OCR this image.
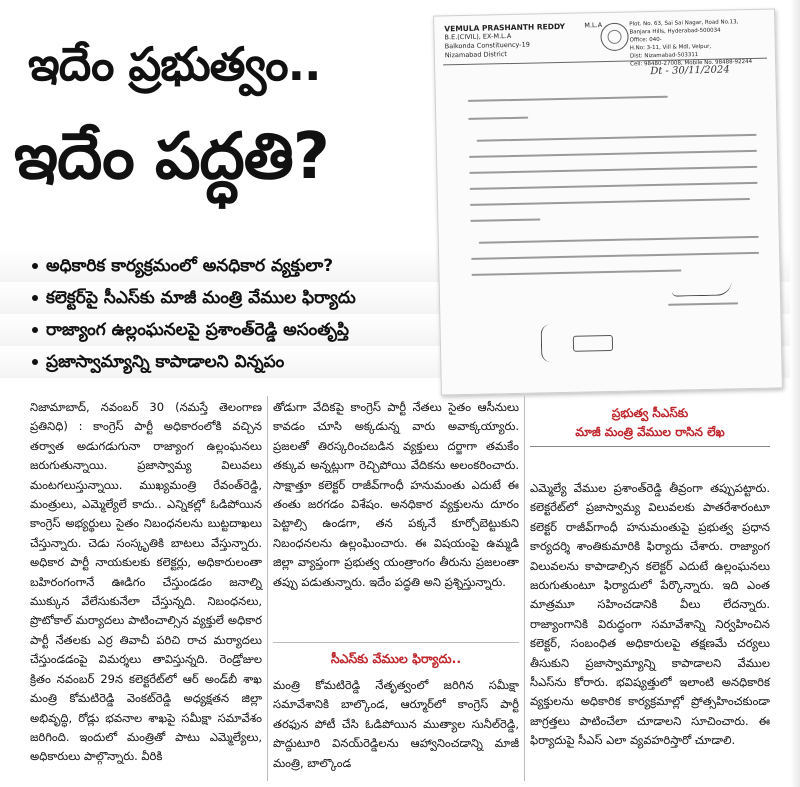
ఇదేం ప్రభుత్వం..
ఇదేం పద్ధతి?
అధికారిక కార్యక్రమంలో అనధికార వ్యక్తులా?
కలెక్టర్‌పై సీఎస్‌కు మాజీ మంత్రి వేముల ఫిర్యాదు
రాజ్యాంగ ఉల్లంఘనలపై ప్రశాంత్‌రెడ్డి అసంతృప్తి
ప్రజాస్వామ్యాన్ని కాపాడాలని విన్నపం
VEMULA PRASHANTH REDDY
B.E.(CIVIL), EX-M.L.A
Balkonda Constituency-19
Nizamabad District
M.L.A	Plot. No. 63, Sai Sai Nagar, Road No.13,
Banjara Hills, Hyderabad-500034
Office: 040-
H.No: 3-11, Vill & Mdl, Velpur,
Dist: Nizamabad-503311
Cell: 98480-27008, Mobile No. 98488-92244
Dt - 30/11/2024

నిజామాబాద్, నవంబర్ 30 (నమస్తే తెలంగాణ ప్రతినిధి) : కాంగ్రెస్ పార్టీ అధికారంలోకి వచ్చిన తర్వాత అడుగడుగునా రాజ్యాంగ ఉల్లంఘనలు జరుగుతున్నాయి. ప్రజాస్వామ్య విలువలు మంటగలుస్తున్నాయి. ముఖ్యమంత్రి రేవంత్‌రెడ్డి, మంత్రులు, ఎమ్మెల్యేలే కాదు.. ఎన్నికల్లో ఓడిపోయిన కాంగ్రెస్ అభ్యర్థులు సైతం నిబంధనలను బుట్టదాఖలు చేస్తున్నారు. చెడు సంస్కృతికి బాటలు వేస్తున్నారు. అధికార పార్టీ నాయకులకు కలెక్టర్లు, అధికారులంతా బహిరంగంగానే ఊడిగం చేస్తుండడం జనాల్ని ముక్కున వేలేసుకునేలా చేస్తున్నది. నిబంధనలు, ప్రొటోకాల్ మర్యాదలు పాటించాల్సిన వ్యక్తులే అధికార పార్టీ నేతలకు ఎర్ర తివాచీ పరిచి రాచ మర్యాదలు చేస్తుండడంపై విమర్శలు తావిస్తున్నది. రెండ్రోజుల క్రితం నవంబర్ 29న కలెక్టరేట్‌లో ఆర్ అండ్‌బీ శాఖ మంత్రి కోమటిరెడ్డి వెంకట్‌రెడ్డి అధ్యక్షతన జిల్లా అభివృద్ధి, రోడ్లు భవనాల శాఖపై సమీక్షా సమావేశం జరిగింది. ఇందులో మంత్రితో పాటు ఎమ్మెల్యేలు, అధికారులు పాల్గొన్నారు. వీరికి

తోడుగా వేదికపై కాంగ్రెస్ పార్టీ నేతలు సైతం ఆసీనులు కావడం చూసి అక్కడున్న వారు అవాక్కయ్యారు. ప్రజలతో తిరస్కరించబడిన వ్యక్తులు దర్జాగా తమకేం తక్కువ అన్నట్లుగా రెచ్చిపోయి వేదికను అలంకరించారు. సాక్షాత్తూ కలెక్టర్ రాజీవ్‌గాంధీ హనుమంతు ఎదుటే ఈ తంతు జరగడం విశేషం. అనధికార వ్యక్తులను దూరం పెట్టాల్సి ఉండగా, తన పక్కనే కూర్చోబెట్టుకుని నిబంధనలను ఉల్లంఘించారు. ఈ విషయంపై ఉమ్మడి జిల్లా వ్యాప్తంగా ప్రభుత్వ యంత్రాంగం తీరును ప్రజలంతా తప్పు పడుతున్నారు. ఇదేం పద్ధతి అని ప్రశ్నిస్తున్నారు.

సీఎస్‌కు వేముల ఫిర్యాదు..

మంత్రి కోమటిరెడ్డి నేతృత్వంలో జరిగిన సమీక్షా సమావేశానికి బాల్కొండ, ఆర్మూర్‌లో కాంగ్రెస్ పార్టీ తరఫున పోటీ చేసి ఓడిపోయిన ముత్యాల సునీల్‌రెడ్డి, పొద్దుటూరి వినయ్‌రెడ్డిలను ఆహ్వానించడాన్ని మాజీ మంత్రి, బాల్కొండ

ప్రభుత్వ సీఎస్‌కు
మాజీ మంత్రి వేముల రాసిన లేఖ

ఎమ్మెల్యే వేముల ప్రశాంత్‌రెడ్డి తీవ్రంగా తప్పుపట్టారు. కలెక్టరేట్‌లో ప్రజాస్వామ్య విలువలకు పాతరేశారంటూ కలెక్టర్ రాజీవ్‌గాంధీ హనుమంతుపై ప్రభుత్వ ప్రధాన కార్యదర్శి శాంతికుమారికి ఫిర్యాదు చేశారు. రాజ్యాంగ విలువలను కాపాడాల్సిన కలెక్టర్ ఎదుటే ఉల్లంఘనలు జరుగుతుంటూ ఫిర్యాదులో పేర్కొన్నారు. ఇది ఎంత మాత్రమూ సహించడానికి వీలు లేదన్నారు. రాజ్యాంగానికి విరుద్ధంగా సమావేశాన్ని నిర్వహించిన కలెక్టర్, సంబంధిత అధికారులపై తక్షణమే చర్యలు తీసుకుని ప్రజాస్వామ్యాన్ని కాపాడాలని వేముల సీఎస్‌ను కోరారు. భవిష్యత్తులో ఇలాంటి అనధికారిక వ్యక్తులను అధికారిక కార్యక్రమాల్లో ప్రోత్సహించకుండా జాగ్రత్తలు పాటించేలా చూడాలని సూచించారు. ఈ ఫిర్యాదుపై సీఎస్ ఎలా వ్యవహరిస్తారో చూడాలి.
